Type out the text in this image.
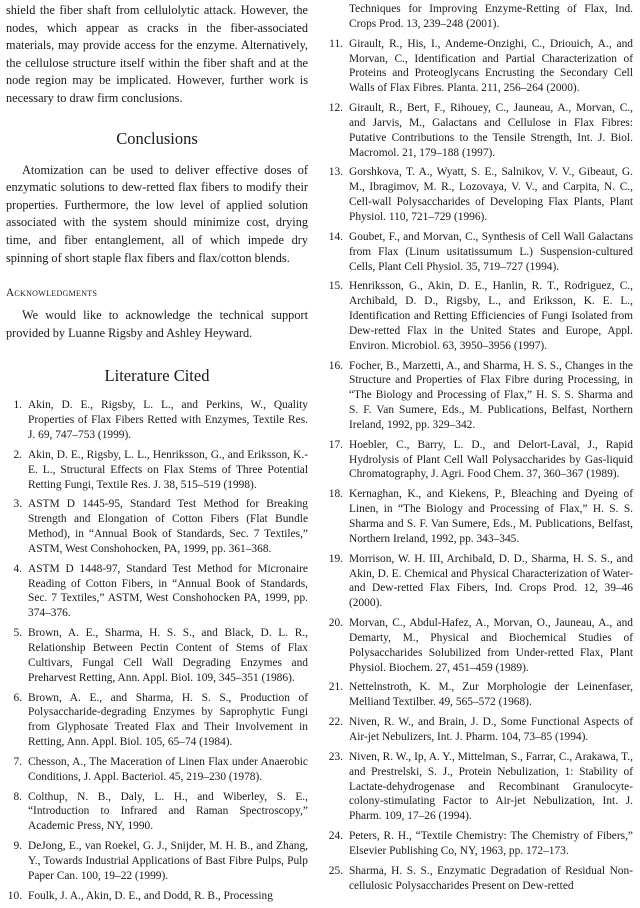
shield the fiber shaft from cellulolytic attack. However, the nodes, which appear as cracks in the fiber-associated materials, may provide access for the enzyme. Alternatively, the cellulose structure itself within the fiber shaft and at the node region may be implicated. However, further work is necessary to draw firm conclusions.

Conclusions

Atomization can be used to deliver effective doses of enzymatic solutions to dew-retted flax fibers to modify their properties. Furthermore, the low level of applied solution associated with the system should minimize cost, drying time, and fiber entanglement, all of which impede dry spinning of short staple flax fibers and flax/cotton blends.

Acknowledgments

We would like to acknowledge the technical support provided by Luanne Rigsby and Ashley Heyward.

Literature Cited
1. Akin, D. E., Rigsby, L. L., and Perkins, W., Quality Properties of Flax Fibers Retted with Enzymes, Textile Res. J. 69, 747–753 (1999).
2. Akin, D. E., Rigsby, L. L., Henriksson, G., and Eriksson, K.-E. L., Structural Effects on Flax Stems of Three Potential Retting Fungi, Textile Res. J. 38, 515–519 (1998).
3. ASTM D 1445-95, Standard Test Method for Breaking Strength and Elongation of Cotton Fibers (Flat Bundle Method), in “Annual Book of Standards, Sec. 7 Textiles,” ASTM, West Conshohocken, PA, 1999, pp. 361–368.
4. ASTM D 1448-97, Standard Test Method for Micronaire Reading of Cotton Fibers, in “Annual Book of Standards, Sec. 7 Textiles,” ASTM, West Conshohocken PA, 1999, pp. 374–376.
5. Brown, A. E., Sharma, H. S. S., and Black, D. L. R., Relationship Between Pectin Content of Stems of Flax Cultivars, Fungal Cell Wall Degrading Enzymes and Preharvest Retting, Ann. Appl. Biol. 109, 345–351 (1986).
6. Brown, A. E., and Sharma, H. S. S., Production of Polysaccharide-degrading Enzymes by Saprophytic Fungi from Glyphosate Treated Flax and Their Involvement in Retting, Ann. Appl. Biol. 105, 65–74 (1984).
7. Chesson, A., The Maceration of Linen Flax under Anaerobic Conditions, J. Appl. Bacteriol. 45, 219–230 (1978).
8. Colthup, N. B., Daly, L. H., and Wiberley, S. E., “Introduction to Infrared and Raman Spectroscopy,” Academic Press, NY, 1990.
9. DeJong, E., van Roekel, G. J., Snijder, M. H. B., and Zhang, Y., Towards Industrial Applications of Bast Fibre Pulps, Pulp Paper Can. 100, 19–22 (1999).
10. Foulk, J. A., Akin, D. E., and Dodd, R. B., Processing

Techniques for Improving Enzyme-Retting of Flax, Ind. Crops Prod. 13, 239–248 (2001).

11. Girault, R., His, I., Andeme-Onzighi, C., Driouich, A., and Morvan, C., Identification and Partial Characterization of Proteins and Proteoglycans Encrusting the Secondary Cell Walls of Flax Fibres. Planta. 211, 256–264 (2000).
12. Girault, R., Bert, F., Rihouey, C., Jauneau, A., Morvan, C., and Jarvis, M., Galactans and Cellulose in Flax Fibres: Putative Contributions to the Tensile Strength, Int. J. Biol. Macromol. 21, 179–188 (1997).
13. Gorshkova, T. A., Wyatt, S. E., Salnikov, V. V., Gibeaut, G. M., Ibragimov, M. R., Lozovaya, V. V., and Carpita, N. C., Cell-wall Polysaccharides of Developing Flax Plants, Plant Physiol. 110, 721–729 (1996).
14. Goubet, F., and Morvan, C., Synthesis of Cell Wall Galactans from Flax (Linum usitatissumum L.) Suspension-cultured Cells, Plant Cell Physiol. 35, 719–727 (1994).
15. Henriksson, G., Akin, D. E., Hanlin, R. T., Rodriguez, C., Archibald, D. D., Rigsby, L., and Eriksson, K. E. L., Identification and Retting Efficiencies of Fungi Isolated from Dew-retted Flax in the United States and Europe, Appl. Environ. Microbiol. 63, 3950–3956 (1997).
16. Focher, B., Marzetti, A., and Sharma, H. S. S., Changes in the Structure and Properties of Flax Fibre during Processing, in “The Biology and Processing of Flax,” H. S. S. Sharma and S. F. Van Sumere, Eds., M. Publications, Belfast, Northern Ireland, 1992, pp. 329–342.
17. Hoebler, C., Barry, L. D., and Delort-Laval, J., Rapid Hydrolysis of Plant Cell Wall Polysaccharides by Gas-liquid Chromatography, J. Agri. Food Chem. 37, 360–367 (1989).
18. Kernaghan, K., and Kiekens, P., Bleaching and Dyeing of Linen, in “The Biology and Processing of Flax,” H. S. S. Sharma and S. F. Van Sumere, Eds., M. Publications, Belfast, Northern Ireland, 1992, pp. 343–345.
19. Morrison, W. H. III, Archibald, D. D., Sharma, H. S. S., and Akin, D. E. Chemical and Physical Characterization of Water- and Dew-retted Flax Fibers, Ind. Crops Prod. 12, 39–46 (2000).
20. Morvan, C., Abdul-Hafez, A., Morvan, O., Jauneau, A., and Demarty, M., Physical and Biochemical Studies of Polysaccharides Solubilized from Under-retted Flax, Plant Physiol. Biochem. 27, 451–459 (1989).
21. Nettelnstroth, K. M., Zur Morphologie der Leinenfaser, Melliand Textilber. 49, 565–572 (1968).
22. Niven, R. W., and Brain, J. D., Some Functional Aspects of Air-jet Nebulizers, Int. J. Pharm. 104, 73–85 (1994).
23. Niven, R. W., Ip, A. Y., Mittelman, S., Farrar, C., Arakawa, T., and Prestrelski, S. J., Protein Nebulization, 1: Stability of Lactate-dehydrogenase and Recombinant Granulocyte-colony-stimulating Factor to Air-jet Nebulization, Int. J. Pharm. 109, 17–26 (1994).
24. Peters, R. H., “Textile Chemistry: The Chemistry of Fibers,” Elsevier Publishing Co, NY, 1963, pp. 172–173.
25. Sharma, H. S. S., Enzymatic Degradation of Residual Non-cellulosic Polysaccharides Present on Dew-retted
